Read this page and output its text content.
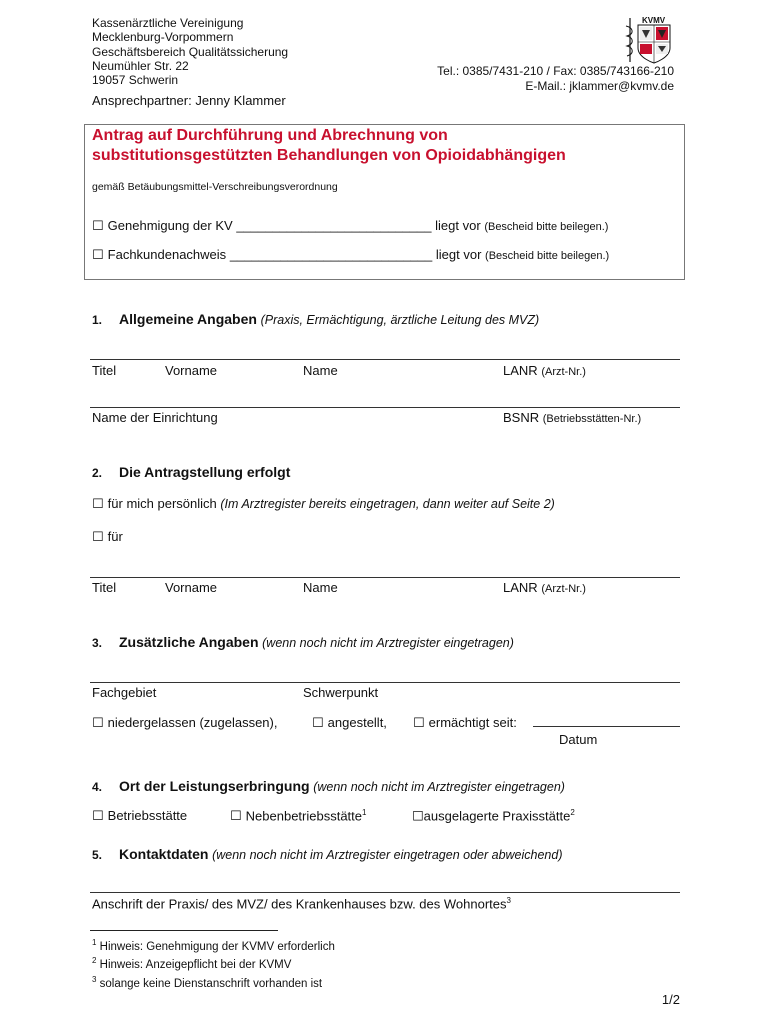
Kassenärztliche Vereinigung
Mecklenburg-Vorpommern
Geschäftsbereich Qualitätssicherung
Neumühler Str. 22
19057 Schwerin
Ansprechpartner: Jenny Klammer
KVMV
Tel.: 0385/7431-210 / Fax: 0385/743166-210
E-Mail.: jklammer@kvmv.de
Antrag auf Durchführung und Abrechnung von
substitutionsgestützten Behandlungen von Opioidabhängigen
gemäß Betäubungsmittel-Verschreibungsverordnung
☐ Genehmigung der KV ___________________________ liegt vor (Bescheid bitte beilegen.)
☐ Fachkundenachweis ____________________________ liegt vor (Bescheid bitte beilegen.)
1. Allgemeine Angaben (Praxis, Ermächtigung, ärztliche Leitung des MVZ)
Titel	Vorname	Name	LANR (Arzt-Nr.)
Name der Einrichtung	BSNR (Betriebsstätten-Nr.)
2. Die Antragstellung erfolgt
☐ für mich persönlich (Im Arztregister bereits eingetragen, dann weiter auf Seite 2)
☐ für
Titel	Vorname	Name	LANR (Arzt-Nr.)
3. Zusätzliche Angaben (wenn noch nicht im Arztregister eingetragen)
Fachgebiet	Schwerpunkt
☐ niedergelassen (zugelassen),	☐ angestellt, ☐ ermächtigt seit:
Datum
4. Ort der Leistungserbringung (wenn noch nicht im Arztregister eingetragen)
☐ Betriebsstätte	☐ Nebenbetriebsstätte$^1$	☐ausgelagerte Praxisstätte$^2$
5. Kontaktdaten (wenn noch nicht im Arztregister eingetragen oder abweichend)
Anschrift der Praxis/ des MVZ/ des Krankenhauses bzw. des Wohnortes$^3$
$^1$ Hinweis: Genehmigung der KVMV erforderlich
$^2$ Hinweis: Anzeigepflicht bei der KVMV
$^3$ solange keine Dienstanschrift vorhanden ist
1/2
